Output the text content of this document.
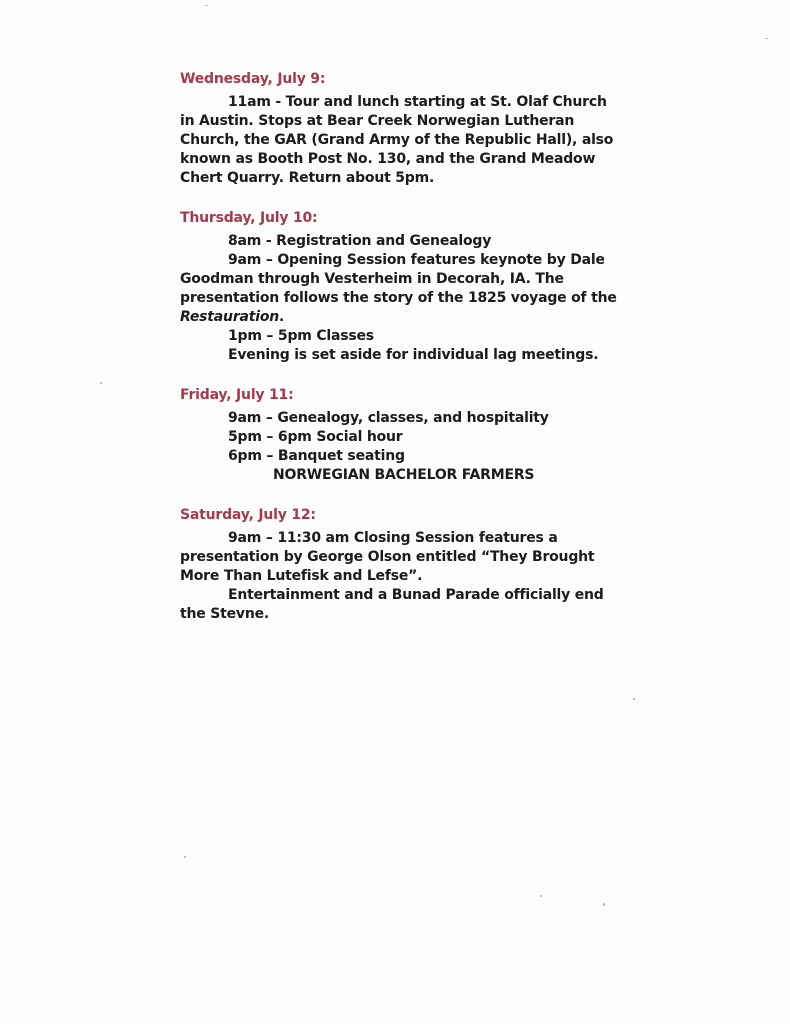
Wednesday, July 9:

11am - Tour and lunch starting at St. Olaf Church in Austin. Stops at Bear Creek Norwegian Lutheran Church, the GAR (Grand Army of the Republic Hall), also known as Booth Post No. 130, and the Grand Meadow Chert Quarry. Return about 5pm.

Thursday, July 10:

8am - Registration and Genealogy

9am – Opening Session features keynote by Dale Goodman through Vesterheim in Decorah, IA. The presentation follows the story of the 1825 voyage of the Restauration.

1pm – 5pm Classes

Evening is set aside for individual lag meetings.

Friday, July 11:

9am – Genealogy, classes, and hospitality

5pm – 6pm Social hour

6pm – Banquet seating

NORWEGIAN BACHELOR FARMERS

Saturday, July 12:

9am – 11:30 am Closing Session features a presentation by George Olson entitled “They Brought More Than Lutefisk and Lefse”.

Entertainment and a Bunad Parade officially end the Stevne.
